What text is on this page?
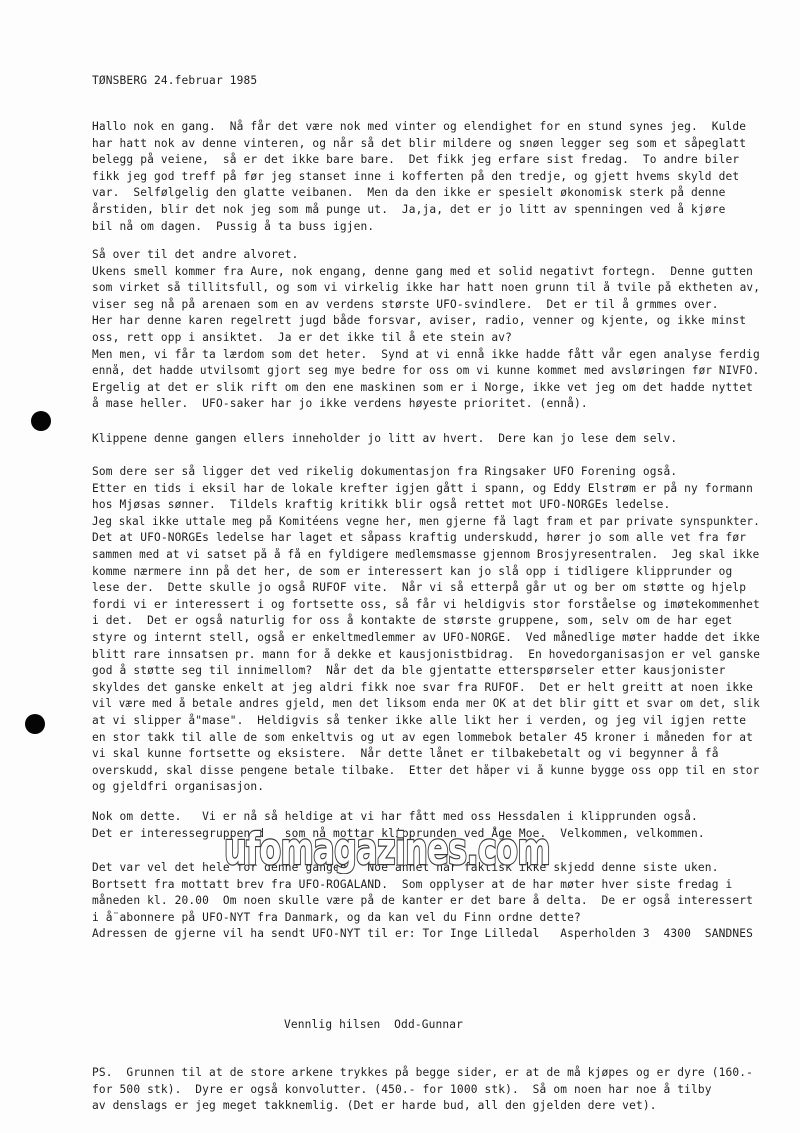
TØNSBERG 24.februar 1985
Hallo nok en gang.  Nå får det være nok med vinter og elendighet for en stund synes jeg.  Kulde
har hatt nok av denne vinteren, og når så det blir mildere og snøen legger seg som et såpeglatt
belegg på veiene,  så er det ikke bare bare.  Det fikk jeg erfare sist fredag.  To andre biler
fikk jeg god treff på før jeg stanset inne i kofferten på den tredje, og gjett hvems skyld det
var.  Selfølgelig den glatte veibanen.  Men da den ikke er spesielt økonomisk sterk på denne
årstiden, blir det nok jeg som må punge ut.  Ja,ja, det er jo litt av spenningen ved å kjøre
bil nå om dagen.  Pussig å ta buss igjen.
Så over til det andre alvoret.
Ukens smell kommer fra Aure, nok engang, denne gang med et solid negativt fortegn.  Denne gutten
som virket så tillitsfull, og som vi virkelig ikke har hatt noen grunn til å tvile på ektheten av,
viser seg nå på arenaen som en av verdens største UFO-svindlere.  Det er til å grmmes over.
Her har denne karen regelrett jugd både forsvar, aviser, radio, venner og kjente, og ikke minst
oss, rett opp i ansiktet.  Ja er det ikke til å ete stein av?
Men men, vi får ta lærdom som det heter.  Synd at vi ennå ikke hadde fått vår egen analyse ferdig
ennå, det hadde utvilsomt gjort seg mye bedre for oss om vi kunne kommet med avsløringen før NIVFO.
Ergelig at det er slik rift om den ene maskinen som er i Norge, ikke vet jeg om det hadde nyttet
å mase heller.  UFO-saker har jo ikke verdens høyeste prioritet. (ennå).
Klippene denne gangen ellers inneholder jo litt av hvert.  Dere kan jo lese dem selv.
Som dere ser så ligger det ved rikelig dokumentasjon fra Ringsaker UFO Forening også.
Etter en tids i eksil har de lokale krefter igjen gått i spann, og Eddy Elstrøm er på ny formann
hos Mjøsas sønner.  Tildels kraftig kritikk blir også rettet mot UFO-NORGEs ledelse.
Jeg skal ikke uttale meg på Komitéens vegne her, men gjerne få lagt fram et par private synspunkter.
Det at UFO-NORGEs ledelse har laget et såpass kraftig underskudd, hører jo som alle vet fra før
sammen med at vi satset på å få en fyldigere medlemsmasse gjennom Brosjyresentralen.  Jeg skal ikke
komme nærmere inn på det her, de som er interessert kan jo slå opp i tidligere klipprunder og
lese der.  Dette skulle jo også RUFOF vite.  Når vi så etterpå går ut og ber om støtte og hjelp
fordi vi er interessert i og fortsette oss, så får vi heldigvis stor forståelse og imøtekommenhet
i det.  Det er også naturlig for oss å kontakte de største gruppene, som, selv om de har eget
styre og internt stell, også er enkeltmedlemmer av UFO-NORGE.  Ved månedlige møter hadde det ikke
blitt rare innsatsen pr. mann for å dekke et kausjonistbidrag.  En hovedorganisasjon er vel ganske
god å støtte seg til innimellom?  Når det da ble gjentatte etterspørseler etter kausjonister
skyldes det ganske enkelt at jeg aldri fikk noe svar fra RUFOF.  Det er helt greitt at noen ikke
vil være med å betale andres gjeld, men det liksom enda mer OK at det blir gitt et svar om det, slik
at vi slipper å"mase".  Heldigvis så tenker ikke alle likt her i verden, og jeg vil igjen rette
en stor takk til alle de som enkeltvis og ut av egen lommebok betaler 45 kroner i måneden for at
vi skal kunne fortsette og eksistere.  Når dette lånet er tilbakebetalt og vi begynner å få
overskudd, skal disse pengene betale tilbake.  Etter det håper vi å kunne bygge oss opp til en stor
og gjeldfri organisasjon.
Nok om dette.   Vi er nå så heldige at vi har fått med oss Hessdalen i klipprunden også.
Det er interessegruppen d   som nå mottar klipprunden ved Åge Moe.  Velkommen, velkommen.
Det var vel det hele for denne gangen.  Noe annet har faktisk ikke skjedd denne siste uken.
Bortsett fra mottatt brev fra UFO-ROGALAND.  Som opplyser at de har møter hver siste fredag i
måneden kl. 20.00  Om noen skulle være på de kanter er det bare å delta.  De er også interessert
i å¨abonnere på UFO-NYT fra Danmark, og da kan vel du Finn ordne dette?
Adressen de gjerne vil ha sendt UFO-NYT til er: Tor Inge Lilledal   Asperholden 3  4300  SANDNES
Vennlig hilsen  Odd-Gunnar
PS.  Grunnen til at de store arkene trykkes på begge sider, er at de må kjøpes og er dyre (160.-
for 500 stk).  Dyre er også konvolutter. (450.- for 1000 stk).  Så om noen har noe å tilby
av denslags er jeg meget takknemlig. (Det er harde bud, all den gjelden dere vet).
ufomagazines.com
